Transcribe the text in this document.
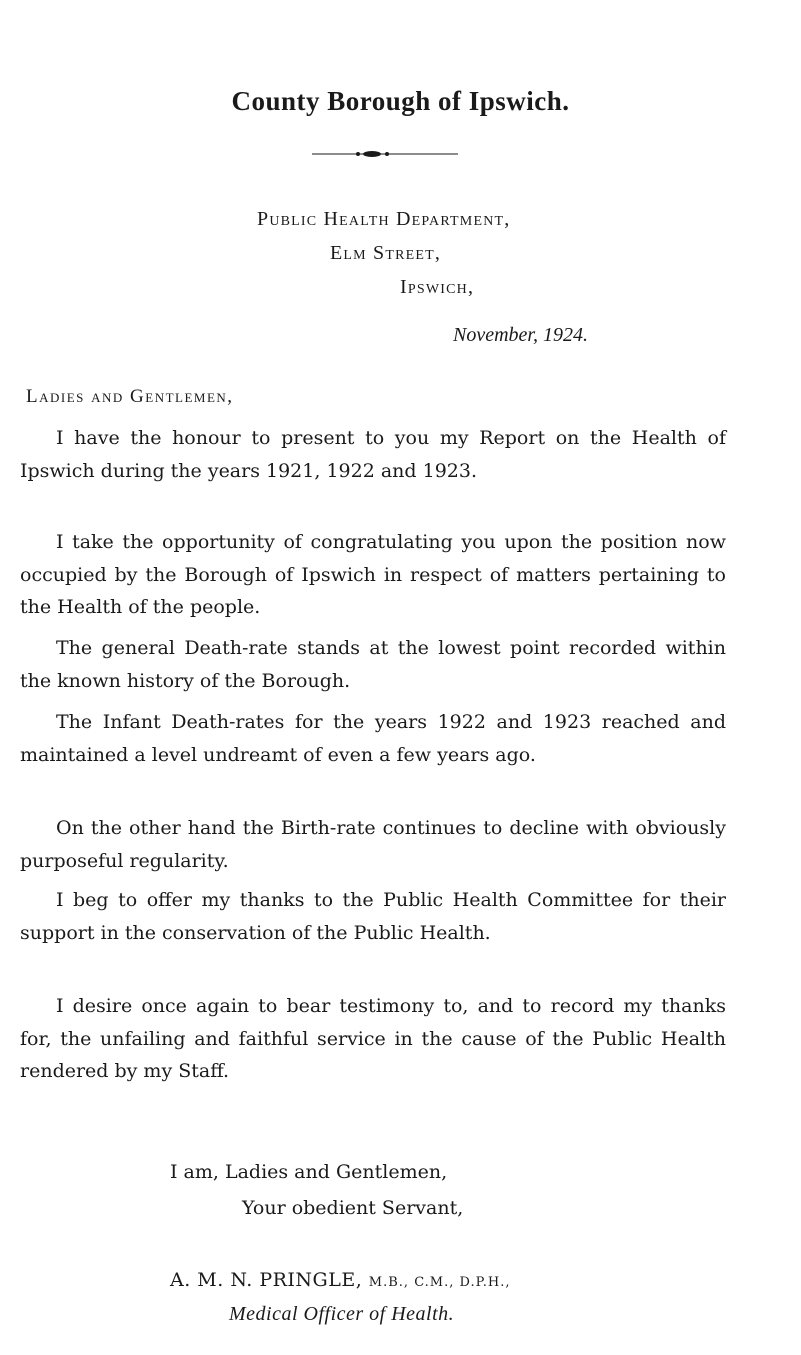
County Borough of Ipswich.
Public Health Department,
Elm Street,
Ipswich,
November, 1924.
Ladies and Gentlemen,

I have the honour to present to you my Report on the Health of Ipswich during the years 1921, 1922 and 1923.

I take the opportunity of congratulating you upon the position now occupied by the Borough of Ipswich in respect of matters pertaining to the Health of the people.

The general Death-rate stands at the lowest point recorded within the known history of the Borough.

The Infant Death-rates for the years 1922 and 1923 reached and maintained a level undreamt of even a few years ago.

On the other hand the Birth-rate continues to decline with obviously purposeful regularity.

I beg to offer my thanks to the Public Health Committee for their support in the conservation of the Public Health.

I desire once again to bear testimony to, and to record my thanks for, the unfailing and faithful service in the cause of the Public Health rendered by my Staff.

I am, Ladies and Gentlemen,
Your obedient Servant,
A. M. N. PRINGLE, M.B., C.M., D.P.H.,
Medical Officer of Health.
